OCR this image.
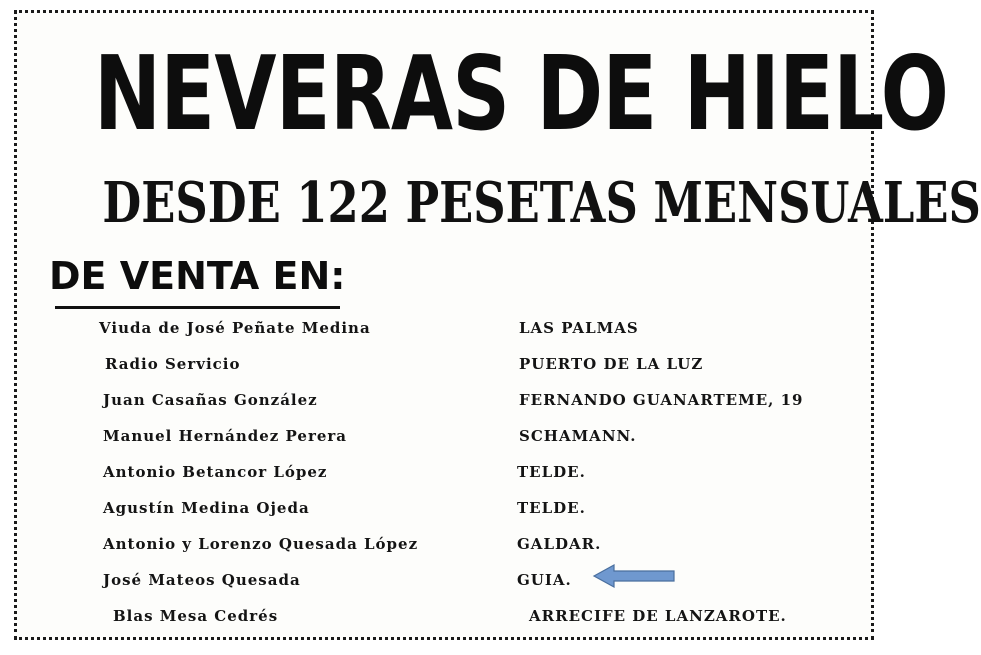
NEVERAS DE HIELO
DESDE 122 PESETAS MENSUALES
DE VENTA EN:
Viuda de José Peñate Medina	LAS PALMAS
Radio Servicio	PUERTO DE LA LUZ
Juan Casañas González	FERNANDO GUANARTEME, 19
Manuel Hernández Perera	SCHAMANN.
Antonio Betancor López	TELDE.
Agustín Medina Ojeda	TELDE.
Antonio y Lorenzo Quesada López	GALDAR.
José Mateos Quesada	GUIA.
Blas Mesa Cedrés	ARRECIFE DE LANZAROTE.
